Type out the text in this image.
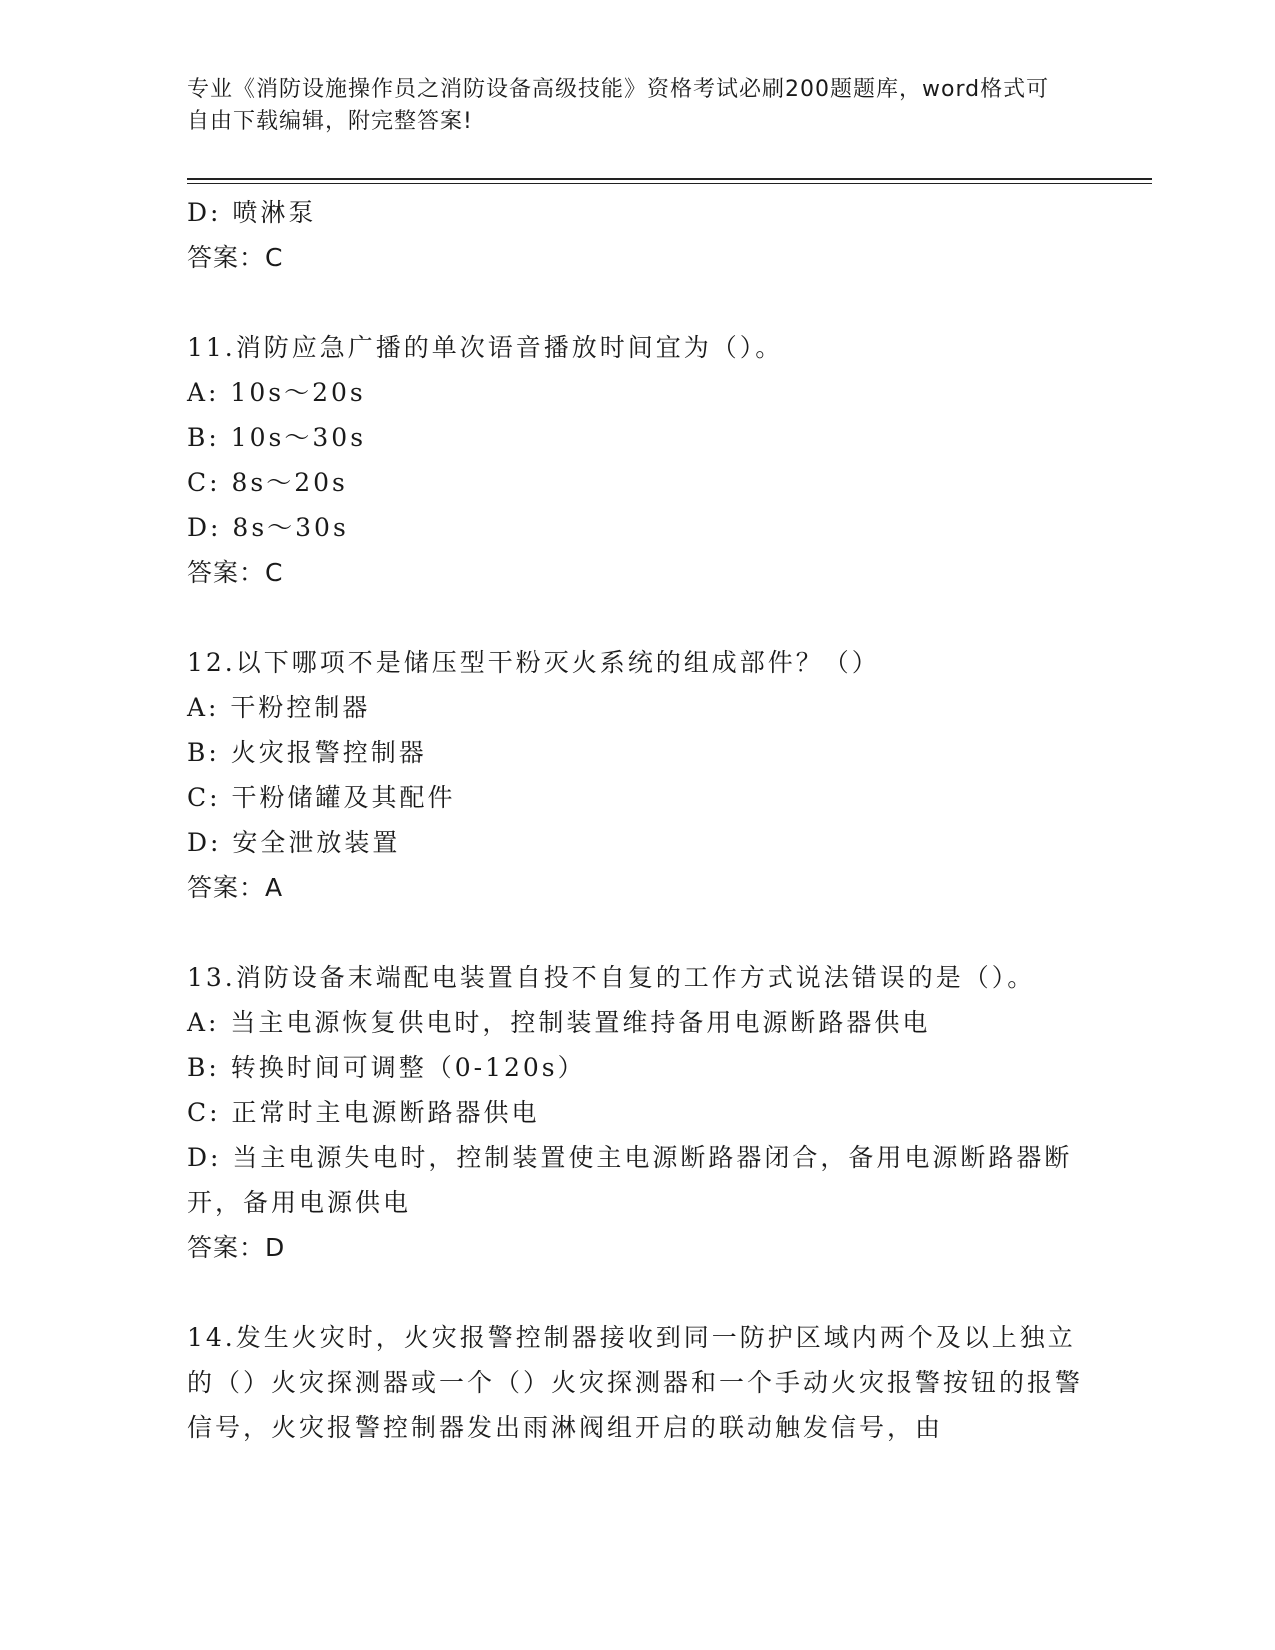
专业《消防设施操作员之消防设备高级技能》资格考试必刷200题题库，word格式可自由下载编辑，附完整答案!
D: 喷淋泵
答案：C
11.消防应急广播的单次语音播放时间宜为（）。
A: 10s～20s
B: 10s～30s
C: 8s～20s
D: 8s～30s
答案：C
12.以下哪项不是储压型干粉灭火系统的组成部件？（）
A: 干粉控制器
B: 火灾报警控制器
C: 干粉储罐及其配件
D: 安全泄放装置
答案：A
13.消防设备末端配电装置自投不自复的工作方式说法错误的是（）。
A: 当主电源恢复供电时，控制装置维持备用电源断路器供电
B: 转换时间可调整（0-120s）
C: 正常时主电源断路器供电
D: 当主电源失电时，控制装置使主电源断路器闭合，备用电源断路器断开，备用电源供电
答案：D
14.发生火灾时，火灾报警控制器接收到同一防护区域内两个及以上独立的（）火灾探测器或一个（）火灾探测器和一个手动火灾报警按钮的报警信号，火灾报警控制器发出雨淋阀组开启的联动触发信号，由
